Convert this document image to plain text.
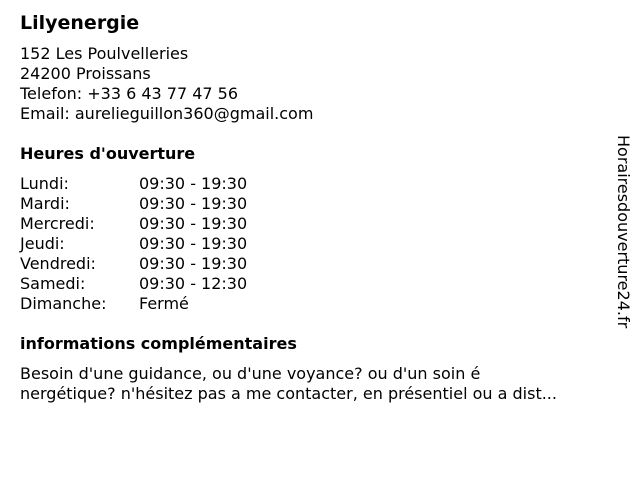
Lilyenergie
152 Les Poulvelleries
24200 Proissans
Telefon: +33 6 43 77 47 56
Email: aurelieguillon360@gmail.com
Heures d'ouverture
Lundi:	09:30 - 19:30
Mardi:	09:30 - 19:30
Mercredi:	09:30 - 19:30
Jeudi:	09:30 - 19:30
Vendredi:	09:30 - 19:30
Samedi:	09:30 - 12:30
Dimanche:	Fermé
informations complémentaires
Besoin d'une guidance, ou d'une voyance? ou d'un soin é
nergétique? n'hésitez pas a me contacter, en présentiel ou a dist...
Horairesdouverture24.fr
